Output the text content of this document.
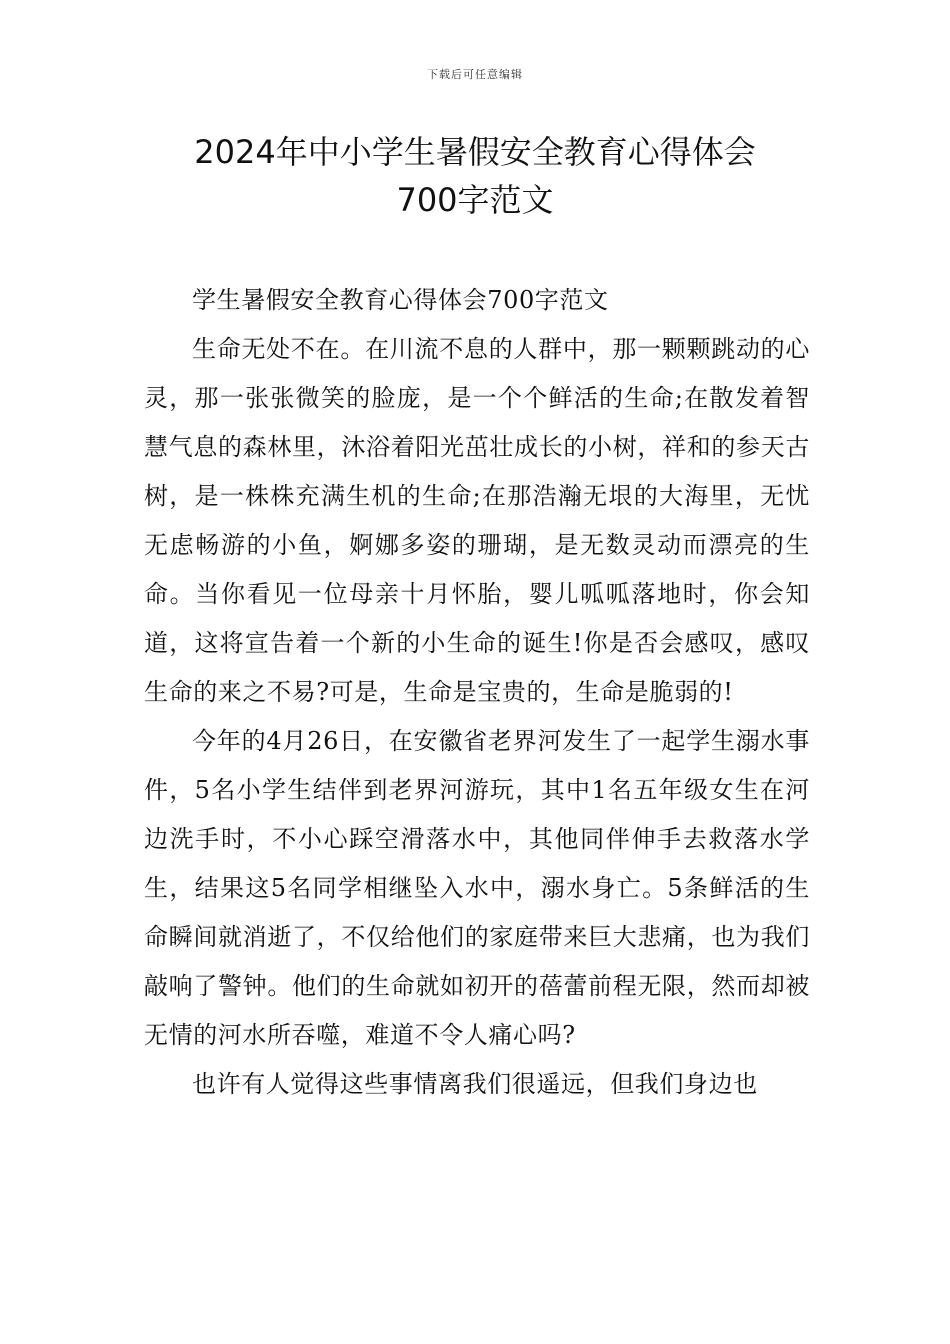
下载后可任意编辑
2024年中小学生暑假安全教育心得体会
700字范文

学生暑假安全教育心得体会700字范文

生命无处不在。在川流不息的人群中，那一颗颗跳动的心灵，那一张张微笑的脸庞，是一个个鲜活的生命;在散发着智慧气息的森林里，沐浴着阳光茁壮成长的小树，祥和的参天古树，是一株株充满生机的生命;在那浩瀚无垠的大海里，无忧无虑畅游的小鱼，婀娜多姿的珊瑚，是无数灵动而漂亮的生命。当你看见一位母亲十月怀胎，婴儿呱呱落地时，你会知道，这将宣告着一个新的小生命的诞生!你是否会感叹，感叹生命的来之不易?可是，生命是宝贵的，生命是脆弱的!

今年的4月26日，在安徽省老界河发生了一起学生溺水事件，5名小学生结伴到老界河游玩，其中1名五年级女生在河边洗手时，不小心踩空滑落水中，其他同伴伸手去救落水学生，结果这5名同学相继坠入水中，溺水身亡。5条鲜活的生命瞬间就消逝了，不仅给他们的家庭带来巨大悲痛，也为我们敲响了警钟。他们的生命就如初开的蓓蕾前程无限，然而却被无情的河水所吞噬，难道不令人痛心吗?

也许有人觉得这些事情离我们很遥远，但我们身边也
